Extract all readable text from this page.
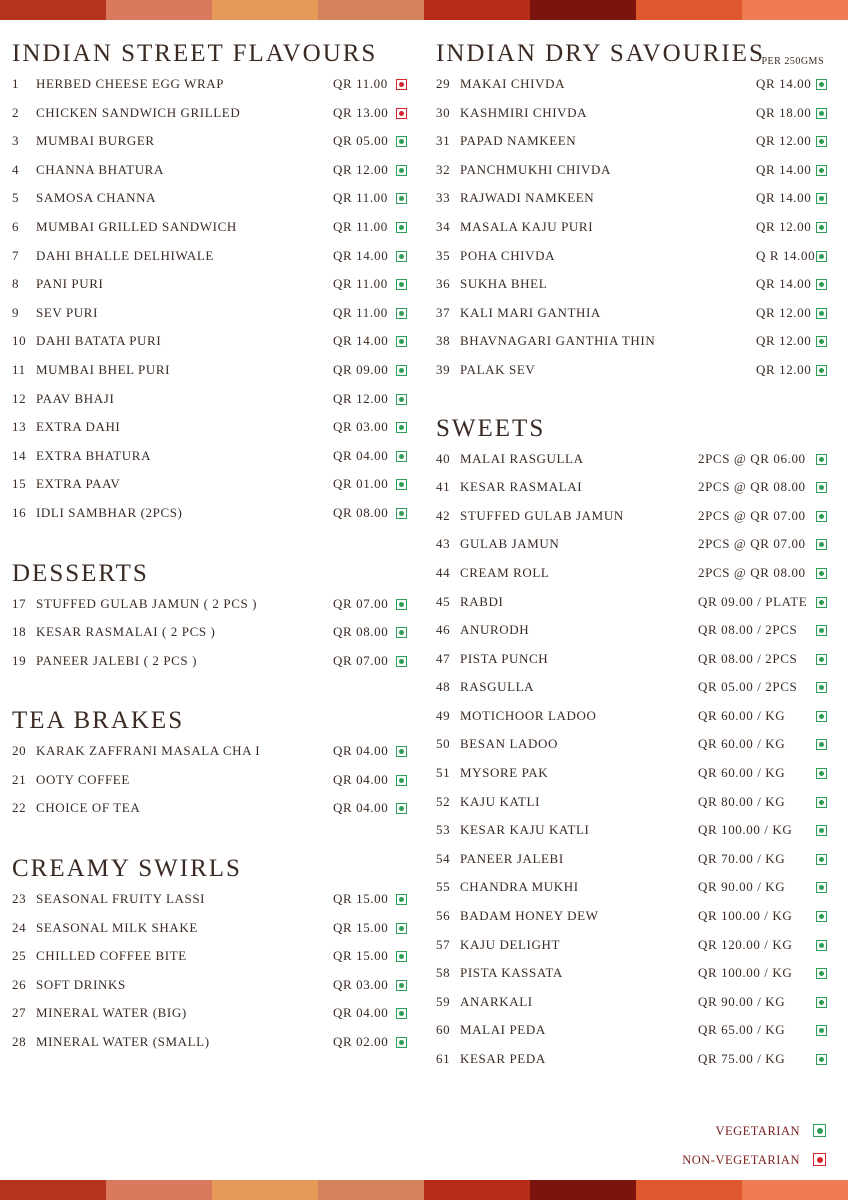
INDIAN STREET FLAVOURS
1 HERBED CHEESE EGG WRAP	QR 11.00
2 CHICKEN SANDWICH GRILLED	QR 13.00
3 MUMBAI BURGER	QR 05.00
4 CHANNA BHATURA	QR 12.00
5 SAMOSA CHANNA	QR 11.00
6 MUMBAI GRILLED SANDWICH	QR 11.00
7 DAHI BHALLE DELHIWALE	QR 14.00
8 PANI PURI	QR 11.00
9 SEV PURI	QR 11.00
10 DAHI BATATA PURI	QR 14.00
11 MUMBAI BHEL PURI	QR 09.00
12 PAAV BHAJI	QR 12.00
13 EXTRA DAHI	QR 03.00
14 EXTRA BHATURA	QR 04.00
15 EXTRA PAAV	QR 01.00
16 IDLI SAMBHAR (2PCS)	QR 08.00
DESSERTS
17 STUFFED GULAB JAMUN ( 2 PCS )	QR 07.00
18 KESAR RASMALAI ( 2 PCS )	QR 08.00
19 PANEER JALEBI ( 2 PCS )	QR 07.00
TEA BRAKES
20 KARAK ZAFFRANI MASALA CHA I	QR 04.00
21 OOTY COFFEE	QR 04.00
22 CHOICE OF TEA	QR 04.00
CREAMY SWIRLS
23 SEASONAL FRUITY LASSI	QR 15.00
24 SEASONAL MILK SHAKE	QR 15.00
25 CHILLED COFFEE BITE	QR 15.00
26 SOFT DRINKS	QR 03.00
27 MINERAL WATER (BIG)	QR 04.00
28 MINERAL WATER (SMALL)	QR 02.00
INDIAN DRY SAVOURIES
PER 250GMS
29 MAKAI CHIVDA	QR 14.00
30 KASHMIRI CHIVDA	QR 18.00
31 PAPAD NAMKEEN	QR 12.00
32 PANCHMUKHI CHIVDA	QR 14.00
33 RAJWADI NAMKEEN	QR 14.00
34 MASALA KAJU PURI	QR 12.00
35 POHA CHIVDA	Q R 14.00
36 SUKHA BHEL	QR 14.00
37 KALI MARI GANTHIA	QR 12.00
38 BHAVNAGARI GANTHIA THIN	QR 12.00
39 PALAK SEV	QR 12.00
SWEETS
40 MALAI RASGULLA	2PCS @ QR 06.00
41 KESAR RASMALAI	2PCS @ QR 08.00
42 STUFFED GULAB JAMUN	2PCS @ QR 07.00
43 GULAB JAMUN	2PCS @ QR 07.00
44 CREAM ROLL	2PCS @ QR 08.00
45 RABDI	QR 09.00 / PLATE
46 ANURODH	QR 08.00 / 2PCS
47 PISTA PUNCH	QR 08.00 / 2PCS
48 RASGULLA	QR 05.00 / 2PCS
49 MOTICHOOR LADOO	QR 60.00 / KG
50 BESAN LADOO	QR 60.00 / KG
51 MYSORE PAK	QR 60.00 / KG
52 KAJU KATLI	QR 80.00 / KG
53 KESAR KAJU KATLI	QR 100.00 / KG
54 PANEER JALEBI	QR 70.00 / KG
55 CHANDRA MUKHI	QR 90.00 / KG
56 BADAM HONEY DEW	QR 100.00 / KG
57 KAJU DELIGHT	QR 120.00 / KG
58 PISTA KASSATA	QR 100.00 / KG
59 ANARKALI	QR 90.00 / KG
60 MALAI PEDA	QR 65.00 / KG
61 KESAR PEDA	QR 75.00 / KG
VEGETARIAN
NON-VEGETARIAN
